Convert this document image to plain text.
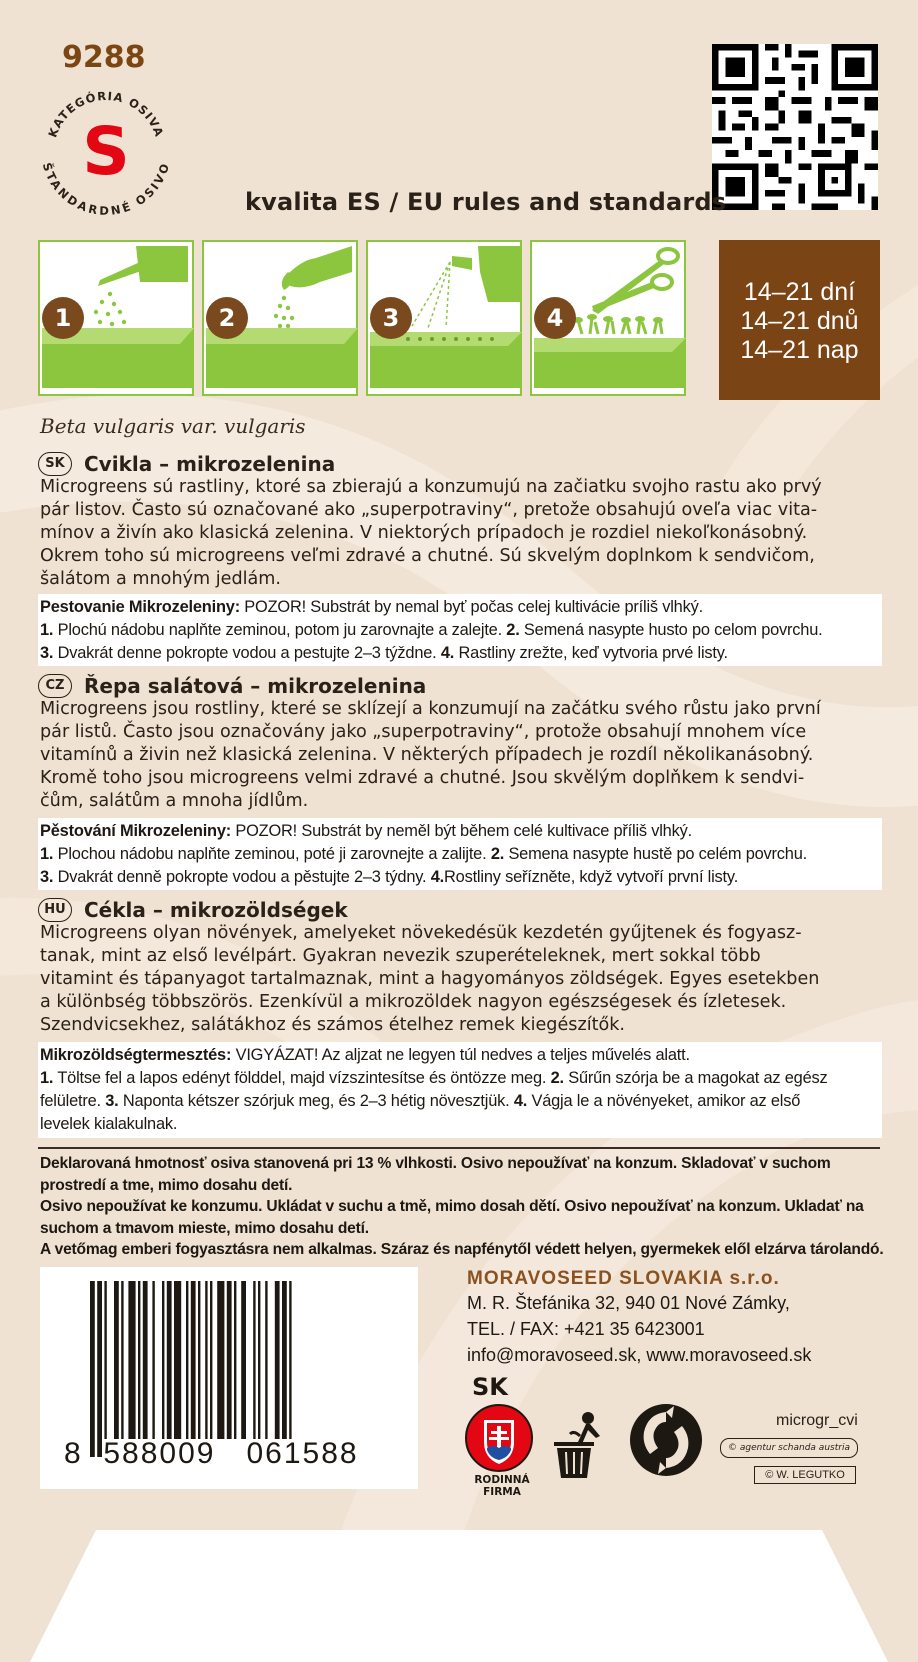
9288
KATEGÓRIA OSIVA
ŠTANDARDNÉ OSIVO
S
kvalita ES / EU rules and standards
1	2	3	4
14–21 dní
14–21 dnů
14–21 nap
Beta vulgaris var. vulgaris
SK Cvikla – mikrozelenina
Microgreens sú rastliny, ktoré sa zbierajú a konzumujú na začiatku svojho rastu ako prvý
pár listov. Často sú označované ako „superpotraviny“, pretože obsahujú oveľa viac vita-
mínov a živín ako klasická zelenina. V niektorých prípadoch je rozdiel niekoľkonásobný.
Okrem toho sú microgreens veľmi zdravé a chutné. Sú skvelým doplnkom k sendvičom,
šalátom a mnohým jedlám.
Pestovanie Mikrozeleniny: POZOR! Substrát by nemal byť počas celej kultivácie príliš vlhký.
1. Plochú nádobu naplňte zeminou, potom ju zarovnajte a zalejte. 2. Semená nasypte husto po celom povrchu.
3. Dvakrát denne pokropte vodou a pestujte 2–3 týždne. 4. Rastliny zrežte, keď vytvoria prvé listy.
CZ Řepa salátová – mikrozelenina
Microgreens jsou rostliny, které se sklízejí a konzumují na začátku svého růstu jako první
pár listů. Často jsou označovány jako „superpotraviny“, protože obsahují mnohem více
vitamínů a živin než klasická zelenina. V některých případech je rozdíl několikanásobný.
Kromě toho jsou microgreens velmi zdravé a chutné. Jsou skvělým doplňkem k sendvi-
čům, salátům a mnoha jídlům.
Pěstování Mikrozeleniny: POZOR! Substrát by neměl být během celé kultivace příliš vlhký.
1. Plochou nádobu naplňte zeminou, poté ji zarovnejte a zalijte. 2. Semena nasypte hustě po celém povrchu.
3. Dvakrát denně pokropte vodou a pěstujte 2–3 týdny. 4.Rostliny seřízněte, když vytvoří první listy.
HU Cékla – mikrozöldségek
Microgreens olyan növények, amelyeket növekedésük kezdetén gyűjtenek és fogyasz-
tanak, mint az első levélpárt. Gyakran nevezik szuperételeknek, mert sokkal több
vitamint és tápanyagot tartalmaznak, mint a hagyományos zöldségek. Egyes esetekben
a különbség többszörös. Ezenkívül a mikrozöldek nagyon egészségesek és ízletesek.
Szendvicsekhez, salátákhoz és számos ételhez remek kiegészítők.
Mikrozöldségtermesztés: VIGYÁZAT! Az aljzat ne legyen túl nedves a teljes művelés alatt.
1. Töltse fel a lapos edényt földdel, majd vízszintesítse és öntözze meg. 2. Sűrűn szórja be a magokat az egész
felületre. 3. Naponta kétszer szórjuk meg, és 2–3 hétig növesztjük. 4. Vágja le a növényeket, amikor az első
levelek kialakulnak.
Deklarovaná hmotnosť osiva stanovená pri 13 % vlhkosti. Osivo nepoužívať na konzum. Skladovať v suchom
prostredí a tme, mimo dosahu detí.
Osivo nepoužívat ke konzumu. Ukládat v suchu a tmě, mimo dosah dětí. Osivo nepoužívať na konzum. Ukladať na
suchom a tmavom mieste, mimo dosahu detí.
A vetőmag emberi fogyasztásra nem alkalmas. Száraz és napfénytől védett helyen, gyermekek elől elzárva tárolandó.
8 588009 061588
MORAVOSEED SLOVAKIA s.r.o.
M. R. Štefánika 32, 940 01 Nové Zámky,
TEL. / FAX: +421 35 6423001
info@moravoseed.sk, www.moravoseed.sk
SK
RODINNÁ FIRMA
microgr_cvi
© agentur schanda austria
© W. LEGUTKO
